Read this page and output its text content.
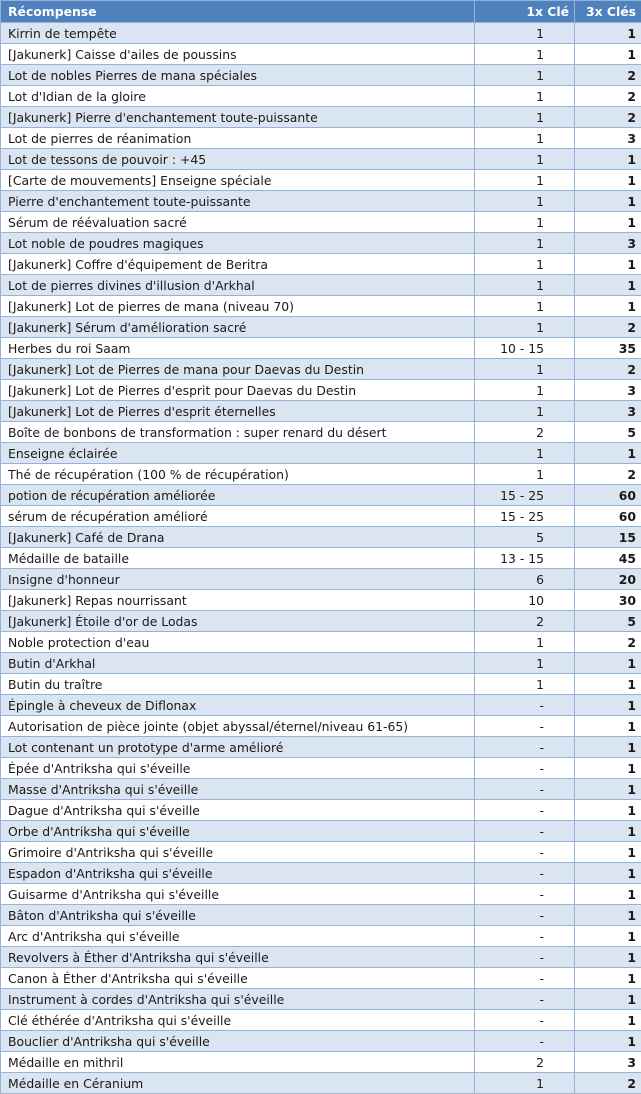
Récompense	1x Clé	3x Clés
Kirrin de tempête	1	1
[Jakunerk] Caisse d'ailes de poussins	1	1
Lot de nobles Pierres de mana spéciales	1	2
Lot d'Idian de la gloire	1	2
[Jakunerk] Pierre d'enchantement toute-puissante	1	2
Lot de pierres de réanimation	1	3
Lot de tessons de pouvoir : +45	1	1
[Carte de mouvements] Enseigne spéciale	1	1
Pierre d'enchantement toute-puissante	1	1
Sérum de réévaluation sacré	1	1
Lot noble de poudres magiques	1	3
[Jakunerk] Coffre d'équipement de Beritra	1	1
Lot de pierres divines d'illusion d'Arkhal	1	1
[Jakunerk] Lot de pierres de mana (niveau 70)	1	1
[Jakunerk] Sérum d'amélioration sacré	1	2
Herbes du roi Saam	10 - 15	35
[Jakunerk] Lot de Pierres de mana pour Daevas du Destin	1	2
[Jakunerk] Lot de Pierres d'esprit pour Daevas du Destin	1	3
[Jakunerk] Lot de Pierres d'esprit éternelles	1	3
Boîte de bonbons de transformation : super renard du désert	2	5
Enseigne éclairée	1	1
Thé de récupération (100 % de récupération)	1	2
potion de récupération améliorée	15 - 25	60
sérum de récupération amélioré	15 - 25	60
[Jakunerk] Café de Drana	5	15
Médaille de bataille	13 - 15	45
Insigne d'honneur	6	20
[Jakunerk] Repas nourrissant	10	30
[Jakunerk] Étoile d'or de Lodas	2	5
Noble protection d'eau	1	2
Butin d'Arkhal	1	1
Butin du traître	1	1
Épingle à cheveux de Diflonax	-	1
Autorisation de pièce jointe (objet abyssal/éternel/niveau 61-65)	-	1
Lot contenant un prototype d'arme amélioré	-	1
Épée d'Antriksha qui s'éveille	-	1
Masse d'Antriksha qui s'éveille	-	1
Dague d'Antriksha qui s'éveille	-	1
Orbe d'Antriksha qui s'éveille	-	1
Grimoire d'Antriksha qui s'éveille	-	1
Espadon d'Antriksha qui s'éveille	-	1
Guisarme d'Antriksha qui s'éveille	-	1
Bâton d'Antriksha qui s'éveille	-	1
Arc d'Antriksha qui s'éveille	-	1
Revolvers à Éther d'Antriksha qui s'éveille	-	1
Canon à Éther d'Antriksha qui s'éveille	-	1
Instrument à cordes d'Antriksha qui s'éveille	-	1
Clé éthérée d'Antriksha qui s'éveille	-	1
Bouclier d'Antriksha qui s'éveille	-	1
Médaille en mithril	2	3
Médaille en Céranium	1	2
